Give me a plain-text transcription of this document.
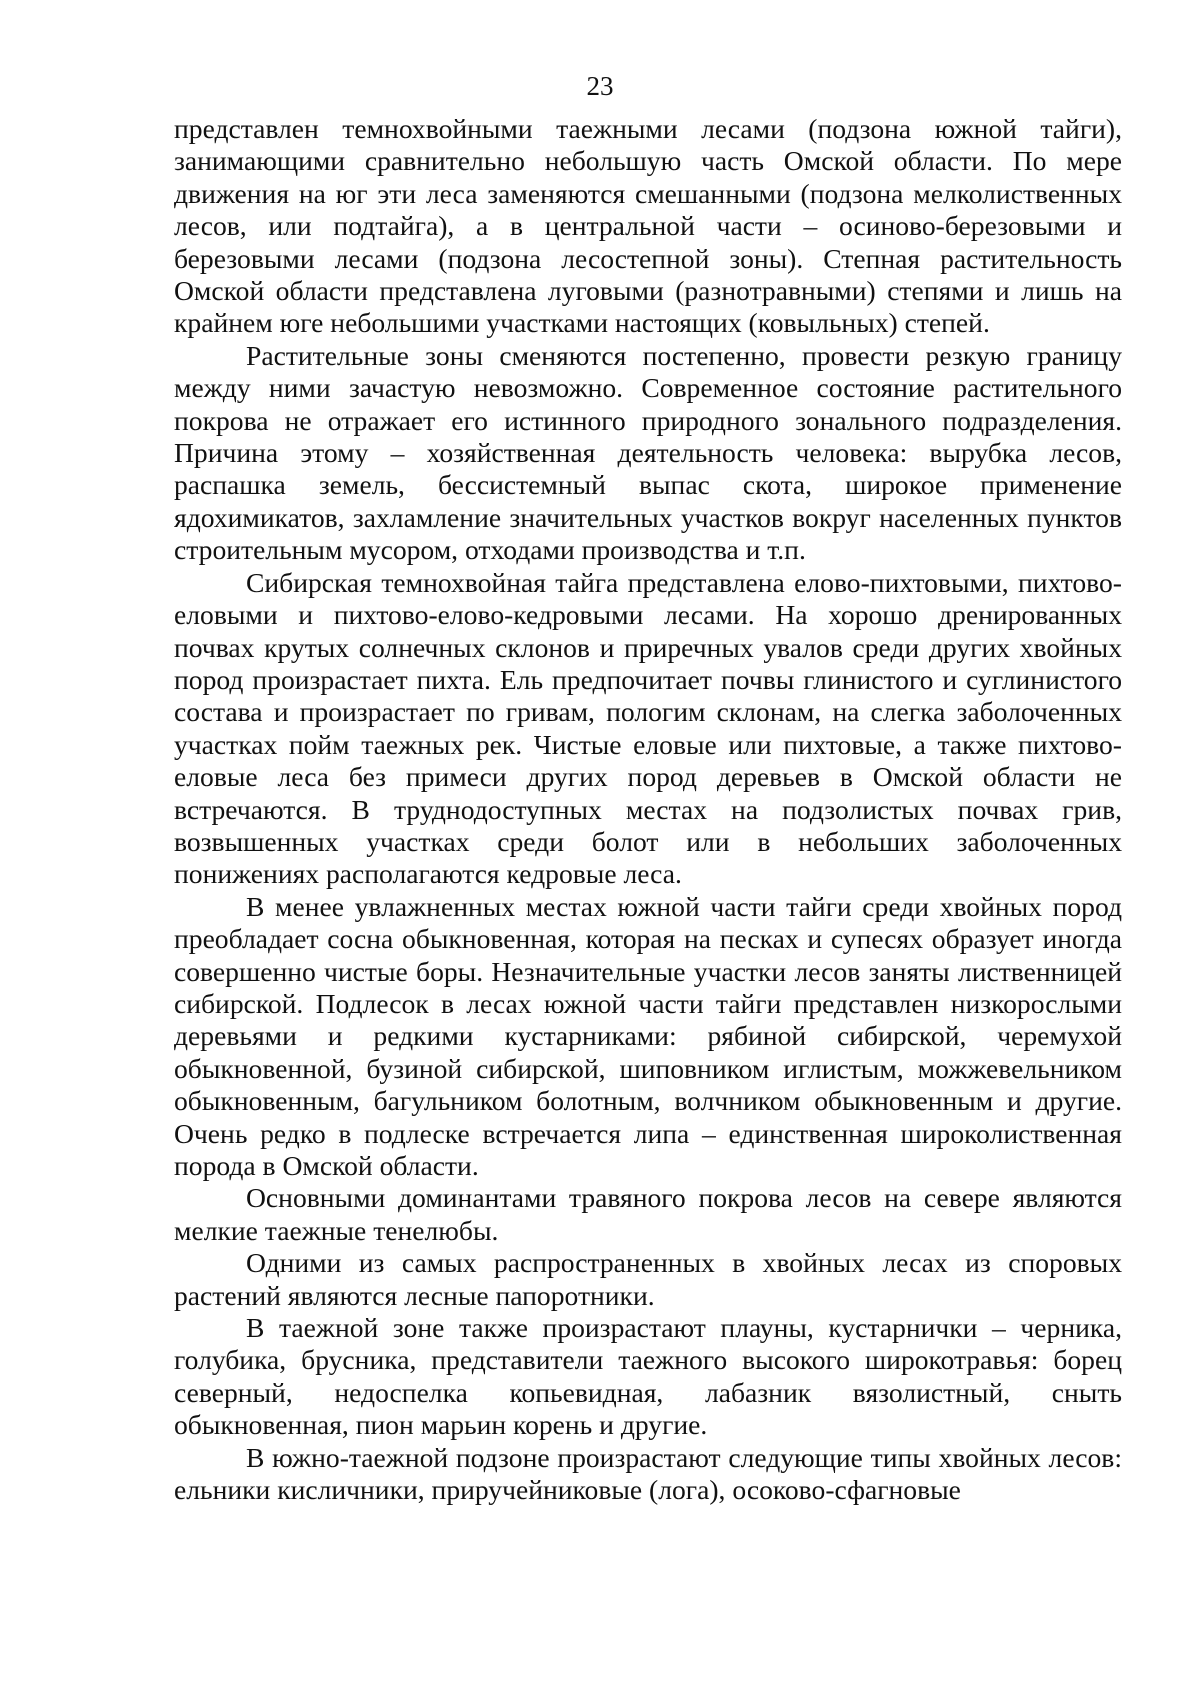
23

представлен темнохвойными таежными лесами (подзона южной тайги), занимающими сравнительно небольшую часть Омской области. По мере движения на юг эти леса заменяются смешанными (подзона мелколиственных лесов, или подтайга), а в центральной части – осиново-березовыми и березовыми лесами (подзона лесостепной зоны). Степная растительность Омской области представлена луговыми (разнотравными) степями и лишь на крайнем юге небольшими участками настоящих (ковыльных) степей.

Растительные зоны сменяются постепенно, провести резкую границу между ними зачастую невозможно. Современное состояние растительного покрова не отражает его истинного природного зонального подразделения. Причина этому – хозяйственная деятельность человека: вырубка лесов, распашка земель, бессистемный выпас скота, широкое применение ядохимикатов, захламление значительных участков вокруг населенных пунктов строительным мусором, отходами производства и т.п.

Сибирская темнохвойная тайга представлена елово-пихтовыми, пихтово-еловыми и пихтово-елово-кедровыми лесами. На хорошо дренированных почвах крутых солнечных склонов и приречных увалов среди других хвойных пород произрастает пихта. Ель предпочитает почвы глинистого и суглинистого состава и произрастает по гривам, пологим склонам, на слегка заболоченных участках пойм таежных рек. Чистые еловые или пихтовые, а также пихтово-еловые леса без примеси других пород деревьев в Омской области не встречаются. В труднодоступных местах на подзолистых почвах грив, возвышенных участках среди болот или в небольших заболоченных понижениях располагаются кедровые леса.

В менее увлажненных местах южной части тайги среди хвойных пород преобладает сосна обыкновенная, которая на песках и супесях образует иногда совершенно чистые боры. Незначительные участки лесов заняты лиственницей сибирской. Подлесок в лесах южной части тайги представлен низкорослыми деревьями и редкими кустарниками: рябиной сибирской, черемухой обыкновенной, бузиной сибирской, шиповником иглистым, можжевельником обыкновенным, багульником болотным, волчником обыкновенным и другие. Очень редко в подлеске встречается липа – единственная широколиственная порода в Омской области.

Основными доминантами травяного покрова лесов на севере являются мелкие таежные тенелюбы.

Одними из самых распространенных в хвойных лесах из споровых растений являются лесные папоротники.

В таежной зоне также произрастают плауны, кустарнички – черника, голубика, брусника, представители таежного высокого широкотравья: борец северный, недоспелка копьевидная, лабазник вязолистный, сныть обыкновенная, пион марьин корень и другие.

В южно-таежной подзоне произрастают следующие типы хвойных лесов: ельники кисличники, приручейниковые (лога), осоково-сфагновые
